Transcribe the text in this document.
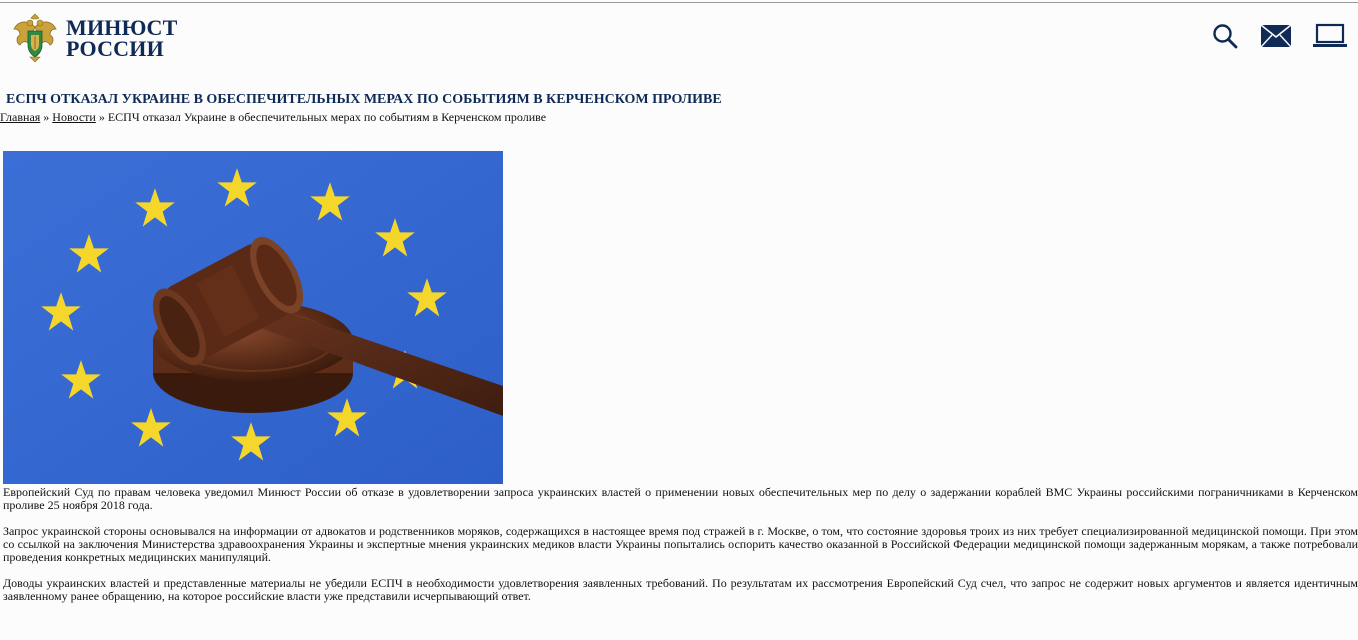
МИНЮСТ
РОССИИ
ЕСПЧ ОТКАЗАЛ УКРАИНЕ В ОБЕСПЕЧИТЕЛЬНЫХ МЕРАХ ПО СОБЫТИЯМ В КЕРЧЕНСКОМ ПРОЛИВЕ
Главная » Новости » ЕСПЧ отказал Украине в обеспечительных мерах по событиям в Керченском проливе

Европейский Суд по правам человека уведомил Минюст России об отказе в удовлетворении запроса украинских властей о применении новых обеспечительных мер по делу о задержании кораблей ВМС Украины российскими пограничниками в Керченском проливе 25 ноября 2018 года.

Запрос украинской стороны основывался на информации от адвокатов и родственников моряков, содержащихся в настоящее время под стражей в г. Москве, о том, что состояние здоровья троих из них требует специализированной медицинской помощи. При этом со ссылкой на заключения Министерства здравоохранения Украины и экспертные мнения украинских медиков власти Украины попытались оспорить качество оказанной в Российской Федерации медицинской помощи задержанным морякам, а также потребовали проведения конкретных медицинских манипуляций.

Доводы украинских властей и представленные материалы не убедили ЕСПЧ в необходимости удовлетворения заявленных требований. По результатам их рассмотрения Европейский Суд счел, что запрос не содержит новых аргументов и является идентичным заявленному ранее обращению, на которое российские власти уже представили исчерпывающий ответ.
